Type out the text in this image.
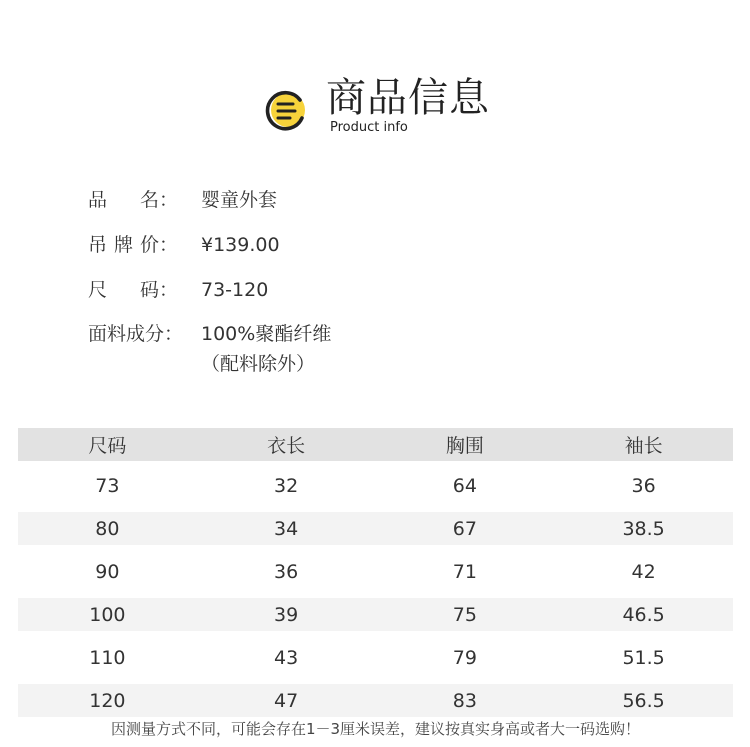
商品信息
Product info
品 名： 婴童外套
吊 牌 价： ¥139.00
尺 码： 73-120
面料成分： 100%聚酯纤维
（配料除外）
尺码	衣长	胸围	袖长
73	32	64	36
80	34	67	38.5
90	36	71	42
100	39	75	46.5
110	43	79	51.5
120	47	83	56.5
因测量方式不同，可能会存在1－3厘米误差，建议按真实身高或者大一码选购！
